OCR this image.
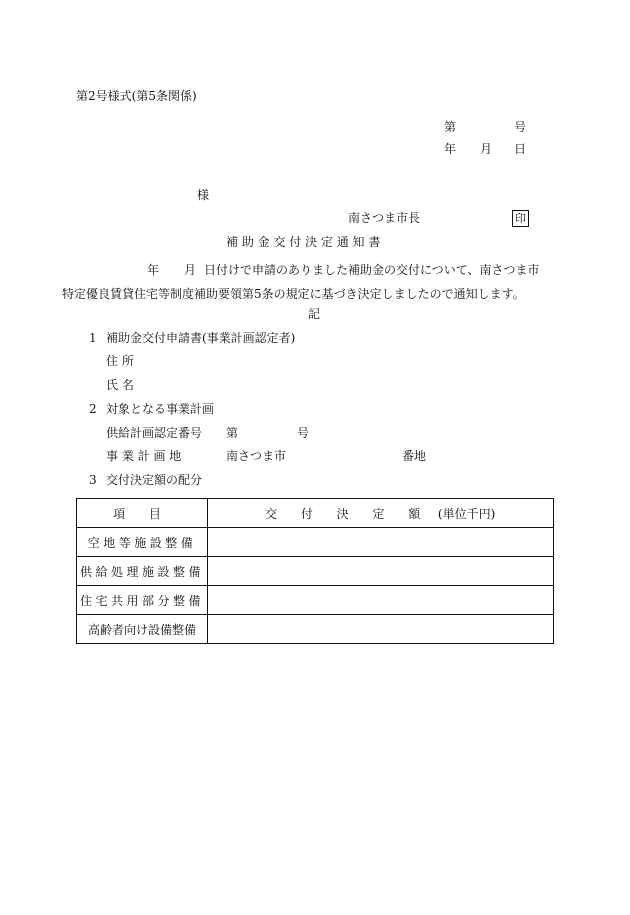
第2号様式(第5条関係)
第	号
年 月 日
様
南さつま市長	印
補 助 金 交 付 決 定 通 知 書
年 月 日付けで申請のありました補助金の交付について、南さつま市
特定優良賃貸住宅等制度補助要領第5条の規定に基づき決定しましたので通知します。
記
1 補助金交付申請書(事業計画認定者)
住 所
氏 名
2 対象となる事業計画
供給計画認定番号 第	号
事 業 計 画 地	南さつま市	番地
3 交付決定額の配分
項 目	交 付 決 定 額 (単位千円)
空地等施設整備	
供給処理施設整備	
住宅共用部分整備	
高齢者向け設備整備	
